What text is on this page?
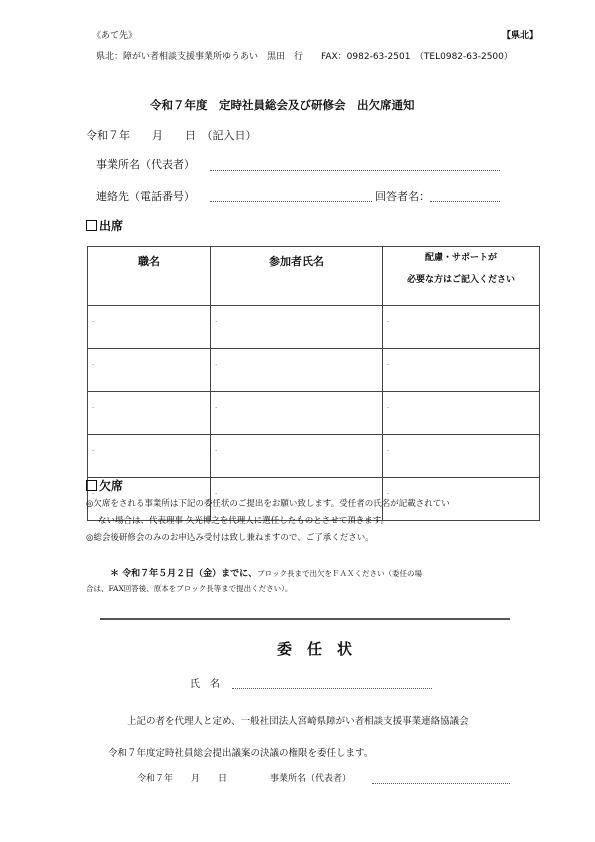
《あて先》	【県北】
県北：障がい者相談支援事業所ゆうあい　黒田　行　　FAX：0982-63-2501　（TEL0982-63-2500）
令和７年度　定時社員総会及び研修会　出欠席通知
令和７年　　月　　日　（記入日）
事業所名（代表者）
連絡先（電話番号）	回答者名：
出席
職名	参加者氏名	配慮・サポートが
必要な方はご記入ください

.	.	.
.	.	.
.	.	.
.	.	.
.	.	.
欠席
◎欠席をされる事業所は下記の委任状のご提出をお願い致します。受任者の氏名が記載されてい
ない場合は、代表理事 久光博之を代理人に選任したものとさせて頂きます。
◎総会後研修会のみのお申込み受付は致し兼ねますので、ご了承ください。
＊ 令和７年５月２日（金）までに、ブロック長まで出欠をＦＡＸください（委任の場
合は、FAX回答後、原本をブロック長等まで提出ください）。
委　任　状
氏　名
上記の者を代理人と定め、一般社団法人宮崎県障がい者相談支援事業連絡協議会
令和７年度定時社員総会提出議案の決議の権限を委任します。
令和７年　　月　　日	事業所名（代表者）
